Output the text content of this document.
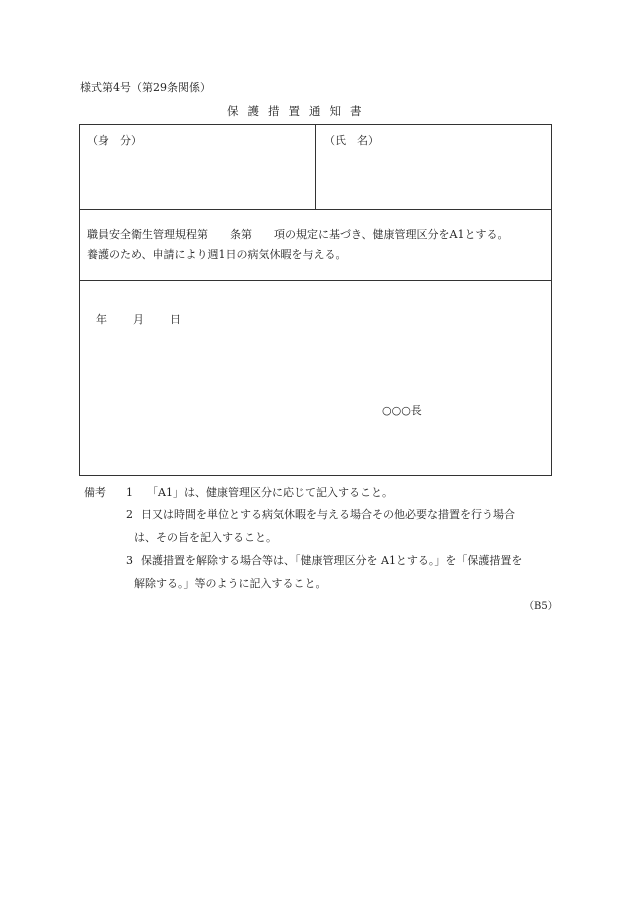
様式第4号（第29条関係）
保護措置通知書
（身　分）	（氏　名）
職員安全衛生管理規程第　　条第　　項の規定に基づき、健康管理区分をA1とする。
養護のため、申請により週1日の病気休暇を与える。
年 月 日
○○○長
備考 1 「A1」は、健康管理区分に応じて記入すること。
2 日又は時間を単位とする病気休暇を与える場合その他必要な措置を行う場合
は、その旨を記入すること。
3 保護措置を解除する場合等は、「健康管理区分を A1とする。」を「保護措置を
解除する。」等のように記入すること。
（B5）
